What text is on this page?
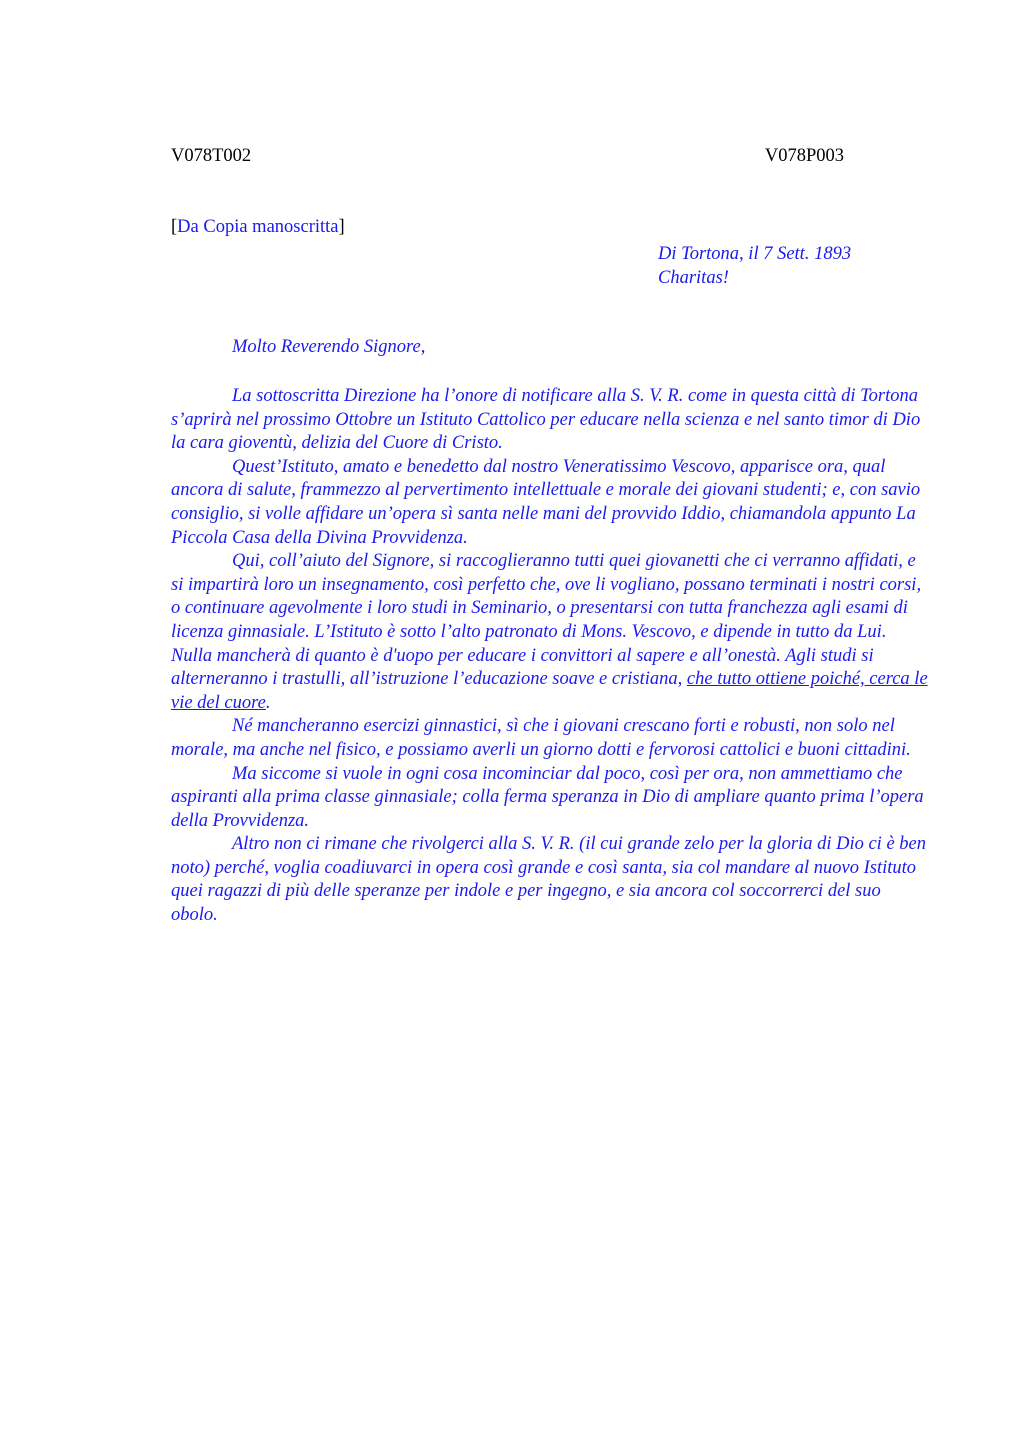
V078T002	V078P003
[Da Copia manoscritta]
Di Tortona, il 7 Sett. 1893
Charitas!
Molto Reverendo Signore,

La sottoscritta Direzione ha l’onore di notificare alla S. V. R. come in questa città di Tortona s’aprirà nel prossimo Ottobre un Istituto Cattolico per educare nella scienza e nel santo timor di Dio la cara gioventù, delizia del Cuore di Cristo.

Quest’Istituto, amato e benedetto dal nostro Veneratissimo Vescovo, apparisce ora, qual ancora di salute, frammezzo al pervertimento intellettuale e morale dei giovani studenti; e, con savio consiglio, si volle affidare un’opera sì santa nelle mani del provvido Iddio, chiamandola appunto La Piccola Casa della Divina Provvidenza.

Qui, coll’aiuto del Signore, si raccoglieranno tutti quei giovanetti che ci verranno affidati, e si impartirà loro un insegnamento, così perfetto che, ove li vogliano, possano terminati i nostri corsi, o continuare agevolmente i loro studi in Seminario, o presentarsi con tutta franchezza agli esami di licenza ginnasiale. L’Istituto è sotto l’alto patronato di Mons. Vescovo, e dipende in tutto da Lui. Nulla mancherà di quanto è d'uopo per educare i convittori al sapere e all’onestà. Agli studi si alterneranno i trastulli, all’istruzione l’educazione soave e cristiana, che tutto ottiene poiché, cerca le vie del cuore.

Né mancheranno esercizi ginnastici, sì che i giovani crescano forti e robusti, non solo nel morale, ma anche nel fisico, e possiamo averli un giorno dotti e fervorosi cattolici e buoni cittadini.

Ma siccome si vuole in ogni cosa incominciar dal poco, così per ora, non ammettiamo che aspiranti alla prima classe ginnasiale; colla ferma speranza in Dio di ampliare quanto prima l’opera della Provvidenza.

Altro non ci rimane che rivolgerci alla S. V. R. (il cui grande zelo per la gloria di Dio ci è ben noto) perché, voglia coadiuvarci in opera così grande e così santa, sia col mandare al nuovo Istituto quei ragazzi di più delle speranze per indole e per ingegno, e sia ancora col soccorrerci del suo obolo.
